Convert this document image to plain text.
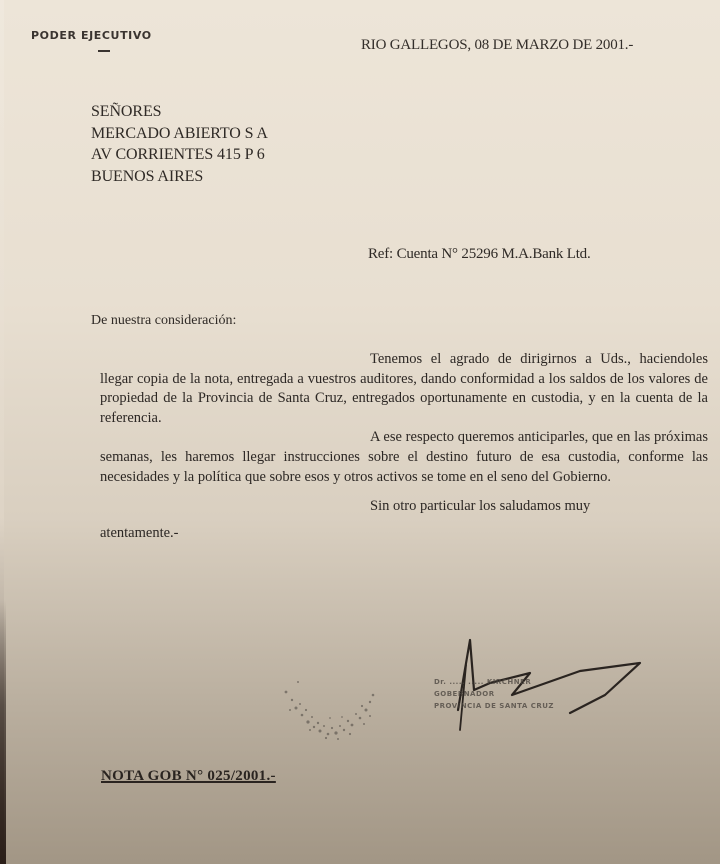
PODER EJECUTIVO
RIO GALLEGOS, 08 DE MARZO DE 2001.-
SEÑORES
MERCADO ABIERTO S A
AV CORRIENTES 415 P 6
BUENOS AIRES
Ref: Cuenta N° 25296 M.A.Bank Ltd.
De nuestra consideración:

Tenemos el agrado de dirigirnos a Uds., haciendoles llegar copia de la nota, entregada a vuestros auditores, dando conformidad a los saldos de los valores de propiedad de la Provincia de Santa Cruz, entregados oportunamente en custodia, y en la cuenta de la referencia.

A ese respecto queremos anticiparles, que en las próximas semanas, les haremos llegar instrucciones sobre el destino futuro de esa custodia, conforme las necesidades y la política que sobre esos y otros activos se tome en el seno del Gobierno.

Sin otro particular los saludamos muy
atentamente.-

Dr. ..... ..... KIRCHNER
GOBERNADOR
PROVINCIA DE SANTA CRUZ
NOTA GOB N° 025/2001.-
